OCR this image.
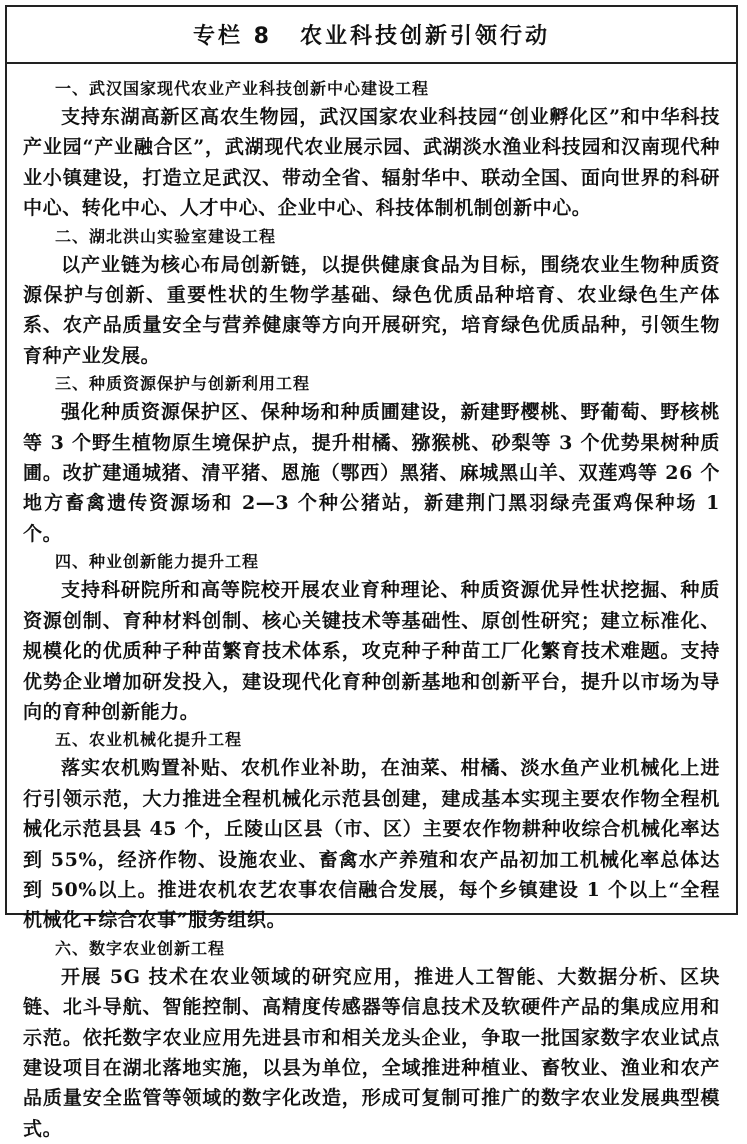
专栏 8 农业科技创新引领行动
一、武汉国家现代农业产业科技创新中心建设工程

支持东湖高新区高农生物园，武汉国家农业科技园“创业孵化区”和中华科技产业园“产业融合区”，武湖现代农业展示园、武湖淡水渔业科技园和汉南现代种业小镇建设，打造立足武汉、带动全省、辐射华中、联动全国、面向世界的科研中心、转化中心、人才中心、企业中心、科技体制机制创新中心。

二、湖北洪山实验室建设工程

以产业链为核心布局创新链，以提供健康食品为目标，围绕农业生物种质资源保护与创新、重要性状的生物学基础、绿色优质品种培育、农业绿色生产体系、农产品质量安全与营养健康等方向开展研究，培育绿色优质品种，引领生物育种产业发展。

三、种质资源保护与创新利用工程

强化种质资源保护区、保种场和种质圃建设，新建野樱桃、野葡萄、野核桃等 3 个野生植物原生境保护点，提升柑橘、猕猴桃、砂梨等 3 个优势果树种质圃。改扩建通城猪、清平猪、恩施（鄂西）黑猪、麻城黑山羊、双莲鸡等 26 个地方畜禽遗传资源场和 2—3 个种公猪站，新建荆门黑羽绿壳蛋鸡保种场 1 个。

四、种业创新能力提升工程

支持科研院所和高等院校开展农业育种理论、种质资源优异性状挖掘、种质资源创制、育种材料创制、核心关键技术等基础性、原创性研究；建立标准化、规模化的优质种子种苗繁育技术体系，攻克种子种苗工厂化繁育技术难题。支持优势企业增加研发投入，建设现代化育种创新基地和创新平台，提升以市场为导向的育种创新能力。

五、农业机械化提升工程

落实农机购置补贴、农机作业补助，在油菜、柑橘、淡水鱼产业机械化上进行引领示范，大力推进全程机械化示范县创建，建成基本实现主要农作物全程机械化示范县县 45 个，丘陵山区县（市、区）主要农作物耕种收综合机械化率达到 55%，经济作物、设施农业、畜禽水产养殖和农产品初加工机械化率总体达到 50%以上。推进农机农艺农事农信融合发展，每个乡镇建设 1 个以上“全程机械化+综合农事”服务组织。

六、数字农业创新工程

开展 5G 技术在农业领域的研究应用，推进人工智能、大数据分析、区块链、北斗导航、智能控制、高精度传感器等信息技术及软硬件产品的集成应用和示范。依托数字农业应用先进县市和相关龙头企业，争取一批国家数字农业试点建设项目在湖北落地实施，以县为单位，全域推进种植业、畜牧业、渔业和农产品质量安全监管等领域的数字化改造，形成可复制可推广的数字农业发展典型模式。
